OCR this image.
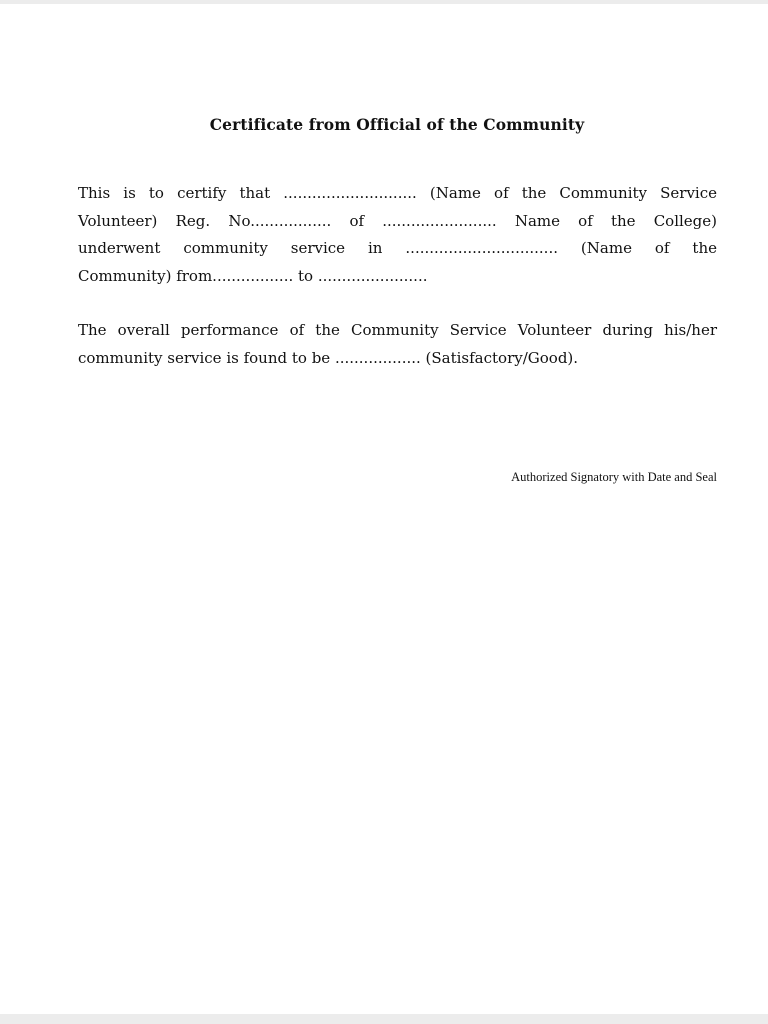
Certificate from Official of the Community
This is to certify that ............................ (Name of the Community Service
Volunteer) Reg. No................. of ........................ Name of the College)
underwent community service in ................................ (Name of the
Community) from................. to .......................
The overall performance of the Community Service Volunteer during his/her
community service is found to be .................. (Satisfactory/Good).
Authorized Signatory with Date and Seal
